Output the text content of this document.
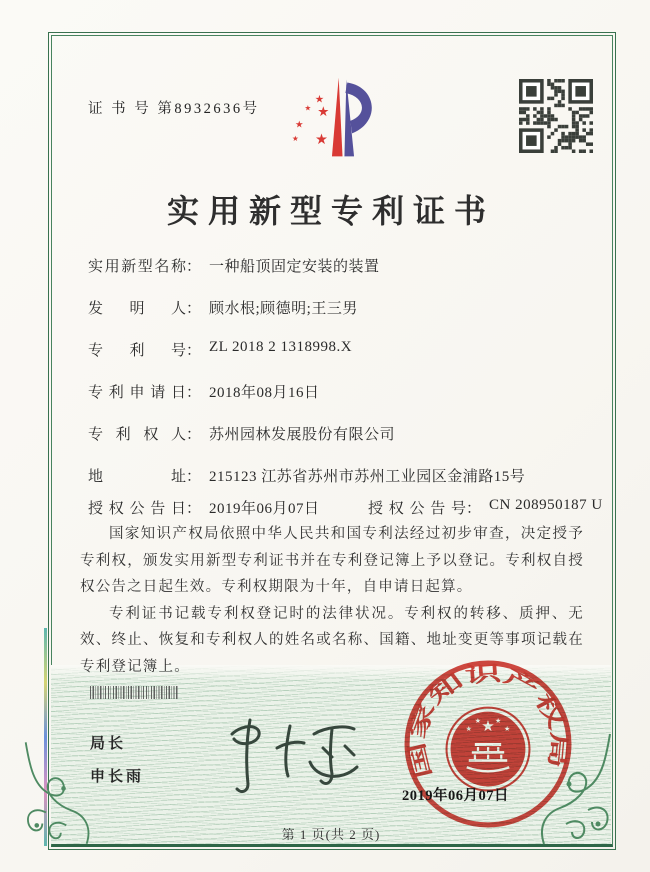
证 书 号 第8932636号
★
★ ★
★
★ ★
实用新型专利证书
实用新型名称： 一种船顶固定安装的装置
发明人： 顾水根;顾德明;王三男
专利号： ZL 2018 2 1318998.X
专利申请日： 2018年08月16日
专利权人： 苏州园林发展股份有限公司
地址： 215123 江苏省苏州市苏州工业园区金浦路15号
授权公告日： 2019年06月07日	授权公告号： CN 208950187 U

国家知识产权局依照中华人民共和国专利法经过初步审查，决定授予专利权，颁发实用新型专利证书并在专利登记簿上予以登记。专利权自授权公告之日起生效。专利权期限为十年，自申请日起算。

专利证书记载专利权登记时的法律状况。专利权的转移、质押、无效、终止、恢复和专利权人的姓名或名称、国籍、地址变更等事项记载在专利登记簿上。

局长
申长雨	国家知识产权局
★
★
★ ★
★
2019年06月07日
第 1 页(共 2 页)
